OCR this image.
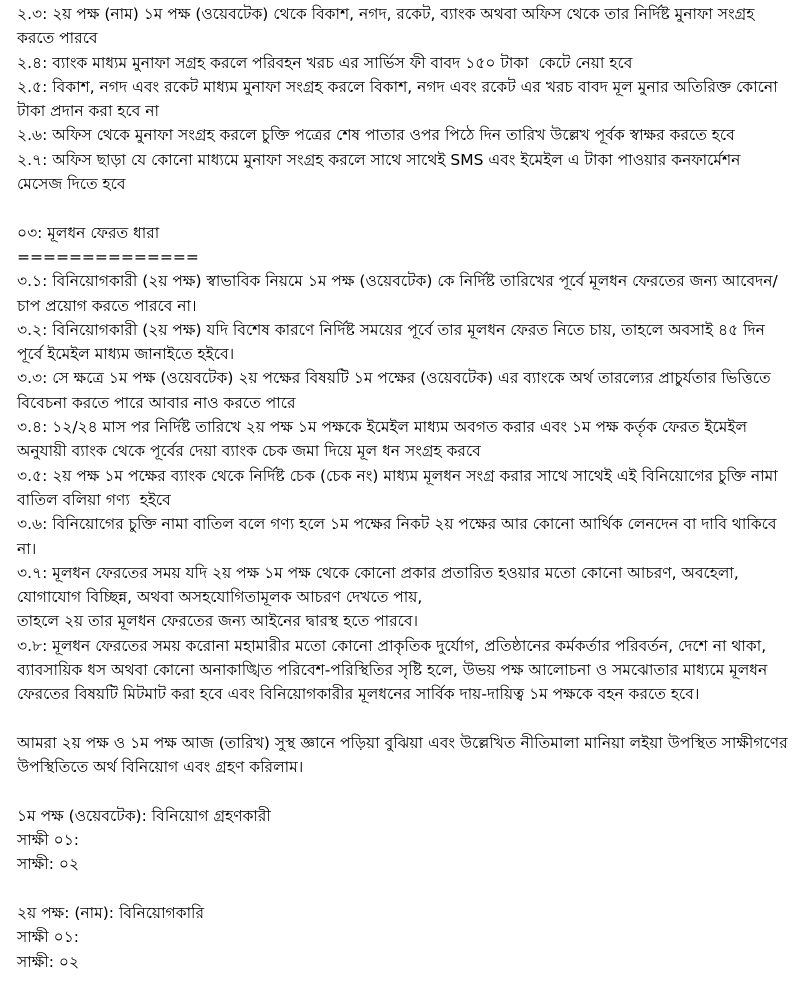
২.৩: ২য় পক্ষ (নাম) ১ম পক্ষ (ওয়েবটেক) থেকে বিকাশ, নগদ, রকেট, ব্যাংক অথবা অফিস থেকে তার নির্দিষ্ট মুনাফা সংগ্রহ করতে পারবে

২.৪: ব্যাংক মাধ্যম মুনাফা সগ্রহ করলে পরিবহন খরচ এর সার্ভিস ফী বাবদ ১৫০ টাকা  কেটে নেয়া হবে

২.৫: বিকাশ, নগদ এবং রকেট মাধ্যম মুনাফা সংগ্রহ করলে বিকাশ, নগদ এবং রকেট এর খরচ বাবদ মূল মুনার অতিরিক্ত কোনো টাকা প্রদান করা হবে না

২.৬: অফিস থেকে মুনাফা সংগ্রহ করলে চুক্তি পত্রের শেষ পাতার ওপর পিঠে দিন তারিখ উল্লেখ পূর্বক স্বাক্ষর করতে হবে

২.৭: অফিস ছাড়া যে কোনো মাধ্যমে মুনাফা সংগ্রহ করলে সাথে সাথেই SMS এবং ইমেইল এ টাকা পাওয়ার কনফার্মেশন মেসেজ দিতে হবে

০৩: মূলধন ফেরত ধারা

==============

৩.১: বিনিয়োগকারী (২য় পক্ষ) স্বাভাবিক নিয়মে ১ম পক্ষ (ওয়েবটেক) কে নির্দিষ্ট তারিখের পূর্বে মূলধন ফেরতের জন্য আবেদন/চাপ প্রয়োগ করতে পারবে না।

৩.২: বিনিয়োগকারী (২য় পক্ষ) যদি বিশেষ কারণে নির্দিষ্ট সময়ের পূর্বে তার মূলধন ফেরত নিতে চায়, তাহলে অবসাই ৪৫ দিন পূর্বে ইমেইল মাধ্যম জানাইতে হইবে।

৩.৩: সে ক্ষত্রে ১ম পক্ষ (ওয়েবটেক) ২য় পক্ষের বিষয়টি ১ম পক্ষের (ওয়েবটেক) এর ব্যাংকে অর্থ তারল্যের প্রাচুর্যতার ভিত্তিতে বিবেচনা করতে পারে আবার নাও করতে পারে

৩.৪: ১২/২৪ মাস পর নির্দিষ্ট তারিখে ২য় পক্ষ ১ম পক্ষকে ইমেইল মাধ্যম অবগত করার এবং ১ম পক্ষ কর্তৃক ফেরত ইমেইল অনুযায়ী ব্যাংক থেকে পূর্বের দেয়া ব্যাংক চেক জমা দিয়ে মূল ধন সংগ্রহ করবে

৩.৫: ২য় পক্ষ ১ম পক্ষের ব্যাংক থেকে নির্দিষ্ট চেক (চেক নং) মাধ্যম মূলধন সংগ্র করার সাথে সাথেই এই বিনিয়োগের চুক্তি নামা বাতিল বলিয়া গণ্য  হইবে

৩.৬: বিনিয়োগের চুক্তি নামা বাতিল বলে গণ্য হলে ১ম পক্ষের নিকট ২য় পক্ষের আর কোনো আর্থিক লেনদেন বা দাবি থাকিবে না।

৩.৭: মূলধন ফেরতের সময় যদি ২য় পক্ষ ১ম পক্ষ থেকে কোনো প্রকার প্রতারিত হওয়ার মতো কোনো আচরণ, অবহেলা, যোগাযোগ বিচ্ছিন্ন, অথবা অসহযোগিতামূলক আচরণ দেখতে পায়,
তাহলে ২য় তার মূলধন ফেরতের জন্য আইনের দ্বারস্থ হতে পারবে।

৩.৮: মূলধন ফেরতের সময় করোনা মহামারীর মতো কোনো প্রাকৃতিক দুর্যোগ, প্রতিষ্ঠানের কর্মকর্তার পরিবর্তন, দেশে না থাকা, ব্যাবসায়িক ধস অথবা কোনো অনাকাঙ্খিত পরিবেশ-পরিস্থিতির সৃষ্টি হলে, উভয় পক্ষ আলোচনা ও সমঝোতার মাধ্যমে মূলধন ফেরতের বিষয়টি মিটমাট করা হবে এবং বিনিয়োগকারীর মূলধনের সার্বিক দায়-দায়িত্ব ১ম পক্ষকে বহন করতে হবে।

আমরা ২য় পক্ষ ও ১ম পক্ষ আজ (তারিখ) সুস্থ জ্ঞানে পড়িয়া বুঝিয়া এবং উল্লেখিত নীতিমালা মানিয়া লইয়া উপস্থিত সাক্ষীগণের উপস্থিতিতে অর্থ বিনিয়োগ এবং গ্রহণ করিলাম।

১ম পক্ষ (ওয়েবটেক): বিনিয়োগ গ্রহণকারী

সাক্ষী ০১:

সাক্ষী: ০২

২য় পক্ষ: (নাম): বিনিয়োগকারি

সাক্ষী ০১:

সাক্ষী: ০২
